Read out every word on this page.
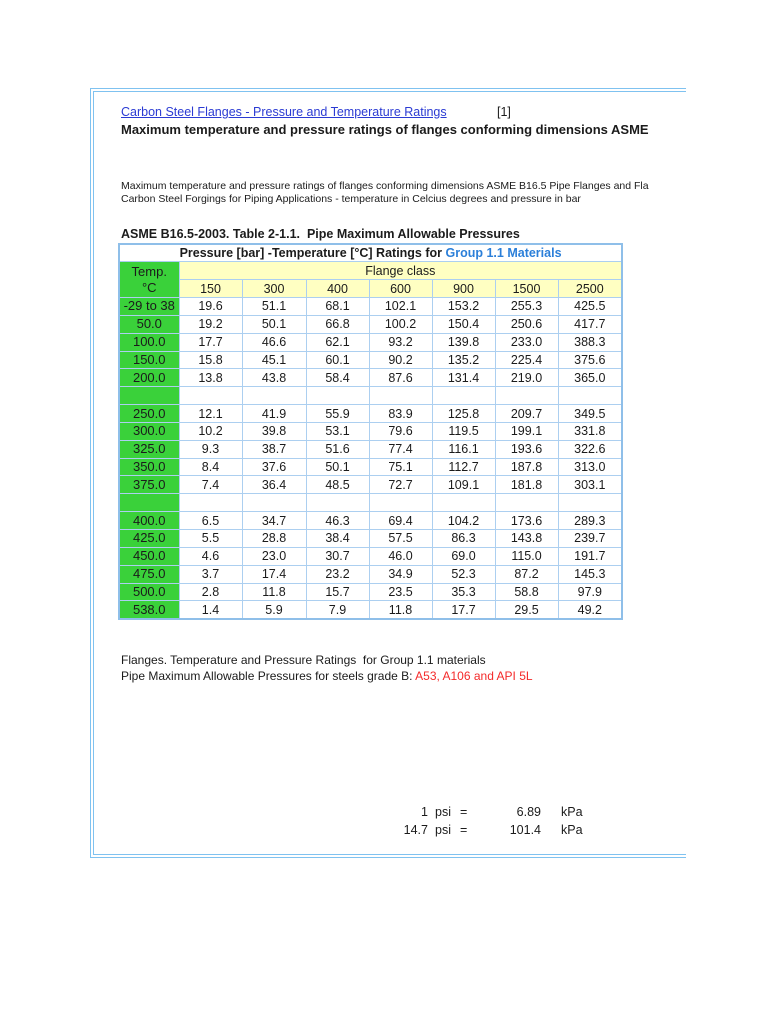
Carbon Steel Flanges - Pressure and Temperature Ratings	[1]
Maximum temperature and pressure ratings of flanges conforming dimensions ASME
Maximum temperature and pressure ratings of flanges conforming dimensions ASME B16.5 Pipe Flanges and Fla
Carbon Steel Forgings for Piping Applications - temperature in Celcius degrees and pressure in bar
ASME B16.5-2003. Table 2-1.1.  Pipe Maximum Allowable Pressures
Pressure [bar] -Temperature [°C] Ratings for Group 1.1 Materials							

Temp.
°C	Flange class						
	150	300	400	600	900	1500	2500
-29 to 38	19.6	51.1	68.1	102.1	153.2	255.3	425.5
50.0	19.2	50.1	66.8	100.2	150.4	250.6	417.7
100.0	17.7	46.6	62.1	93.2	139.8	233.0	388.3
150.0	15.8	45.1	60.1	90.2	135.2	225.4	375.6
200.0	13.8	43.8	58.4	87.6	131.4	219.0	365.0

250.0	12.1	41.9	55.9	83.9	125.8	209.7	349.5
300.0	10.2	39.8	53.1	79.6	119.5	199.1	331.8
325.0	9.3	38.7	51.6	77.4	116.1	193.6	322.6
350.0	8.4	37.6	50.1	75.1	112.7	187.8	313.0
375.0	7.4	36.4	48.5	72.7	109.1	181.8	303.1

400.0	6.5	34.7	46.3	69.4	104.2	173.6	289.3
425.0	5.5	28.8	38.4	57.5	86.3	143.8	239.7
450.0	4.6	23.0	30.7	46.0	69.0	115.0	191.7
475.0	3.7	17.4	23.2	34.9	52.3	87.2	145.3
500.0	2.8	11.8	15.7	23.5	35.3	58.8	97.9
538.0	1.4	5.9	7.9	11.8	17.7	29.5	49.2
Flanges. Temperature and Pressure Ratings  for Group 1.1 materials
Pipe Maximum Allowable Pressures for steels grade B: A53, A106 and API 5L
1 psi =	6.89 kPa
14.7 psi =	101.4 kPa
